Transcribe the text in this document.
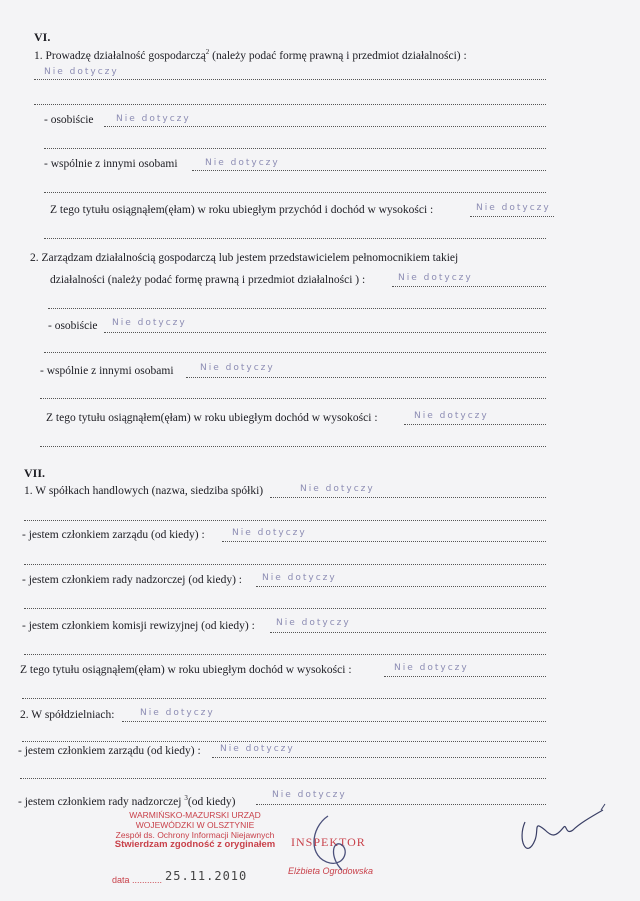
VI.
1. Prowadzę działalność gospodarczą$^2$ (należy podać formę prawną i przedmiot działalności) :
Nie dotyczy
- osobiście Nie dotyczy
- wspólnie z innymi osobami	Nie dotyczy
Z tego tytułu osiągnąłem(ęłam) w roku ubiegłym przychód i dochód w wysokości :	Nie dotyczy
2. Zarządzam działalnością gospodarczą lub jestem przedstawicielem pełnomocnikiem takiej
działalności (należy podać formę prawną i przedmiot działalności ) :	Nie dotyczy
- osobiście Nie dotyczy
- wspólnie z innymi osobami	Nie dotyczy
Z tego tytułu osiągnąłem(ęłam) w roku ubiegłym dochód w wysokości :	Nie dotyczy
VII.
1. W spółkach handlowych (nazwa, siedziba spółki)	Nie dotyczy
- jestem członkiem zarządu (od kiedy) :	Nie dotyczy
- jestem członkiem rady nadzorczej (od kiedy) : Nie dotyczy
- jestem członkiem komisji rewizyjnej (od kiedy) : Nie dotyczy
Z tego tytułu osiągnąłem(ęłam) w roku ubiegłym dochód w wysokości :	Nie dotyczy
2. W spółdzielniach:	Nie dotyczy
- jestem członkiem zarządu (od kiedy) : Nie dotyczy
- jestem członkiem rady nadzorczej $^3$(od kiedy)
Nie dotyczy
WARMIŃSKO-MAZURSKI URZĄD
WOJEWÓDZKI W OLSZTYNIE
Zespół ds. Ochrony Informacji Niejawnych
Stwierdzam zgodność z oryginałem
data ............ 25.11.2010
INSPEKTOR
Elżbieta Ogrodowska
